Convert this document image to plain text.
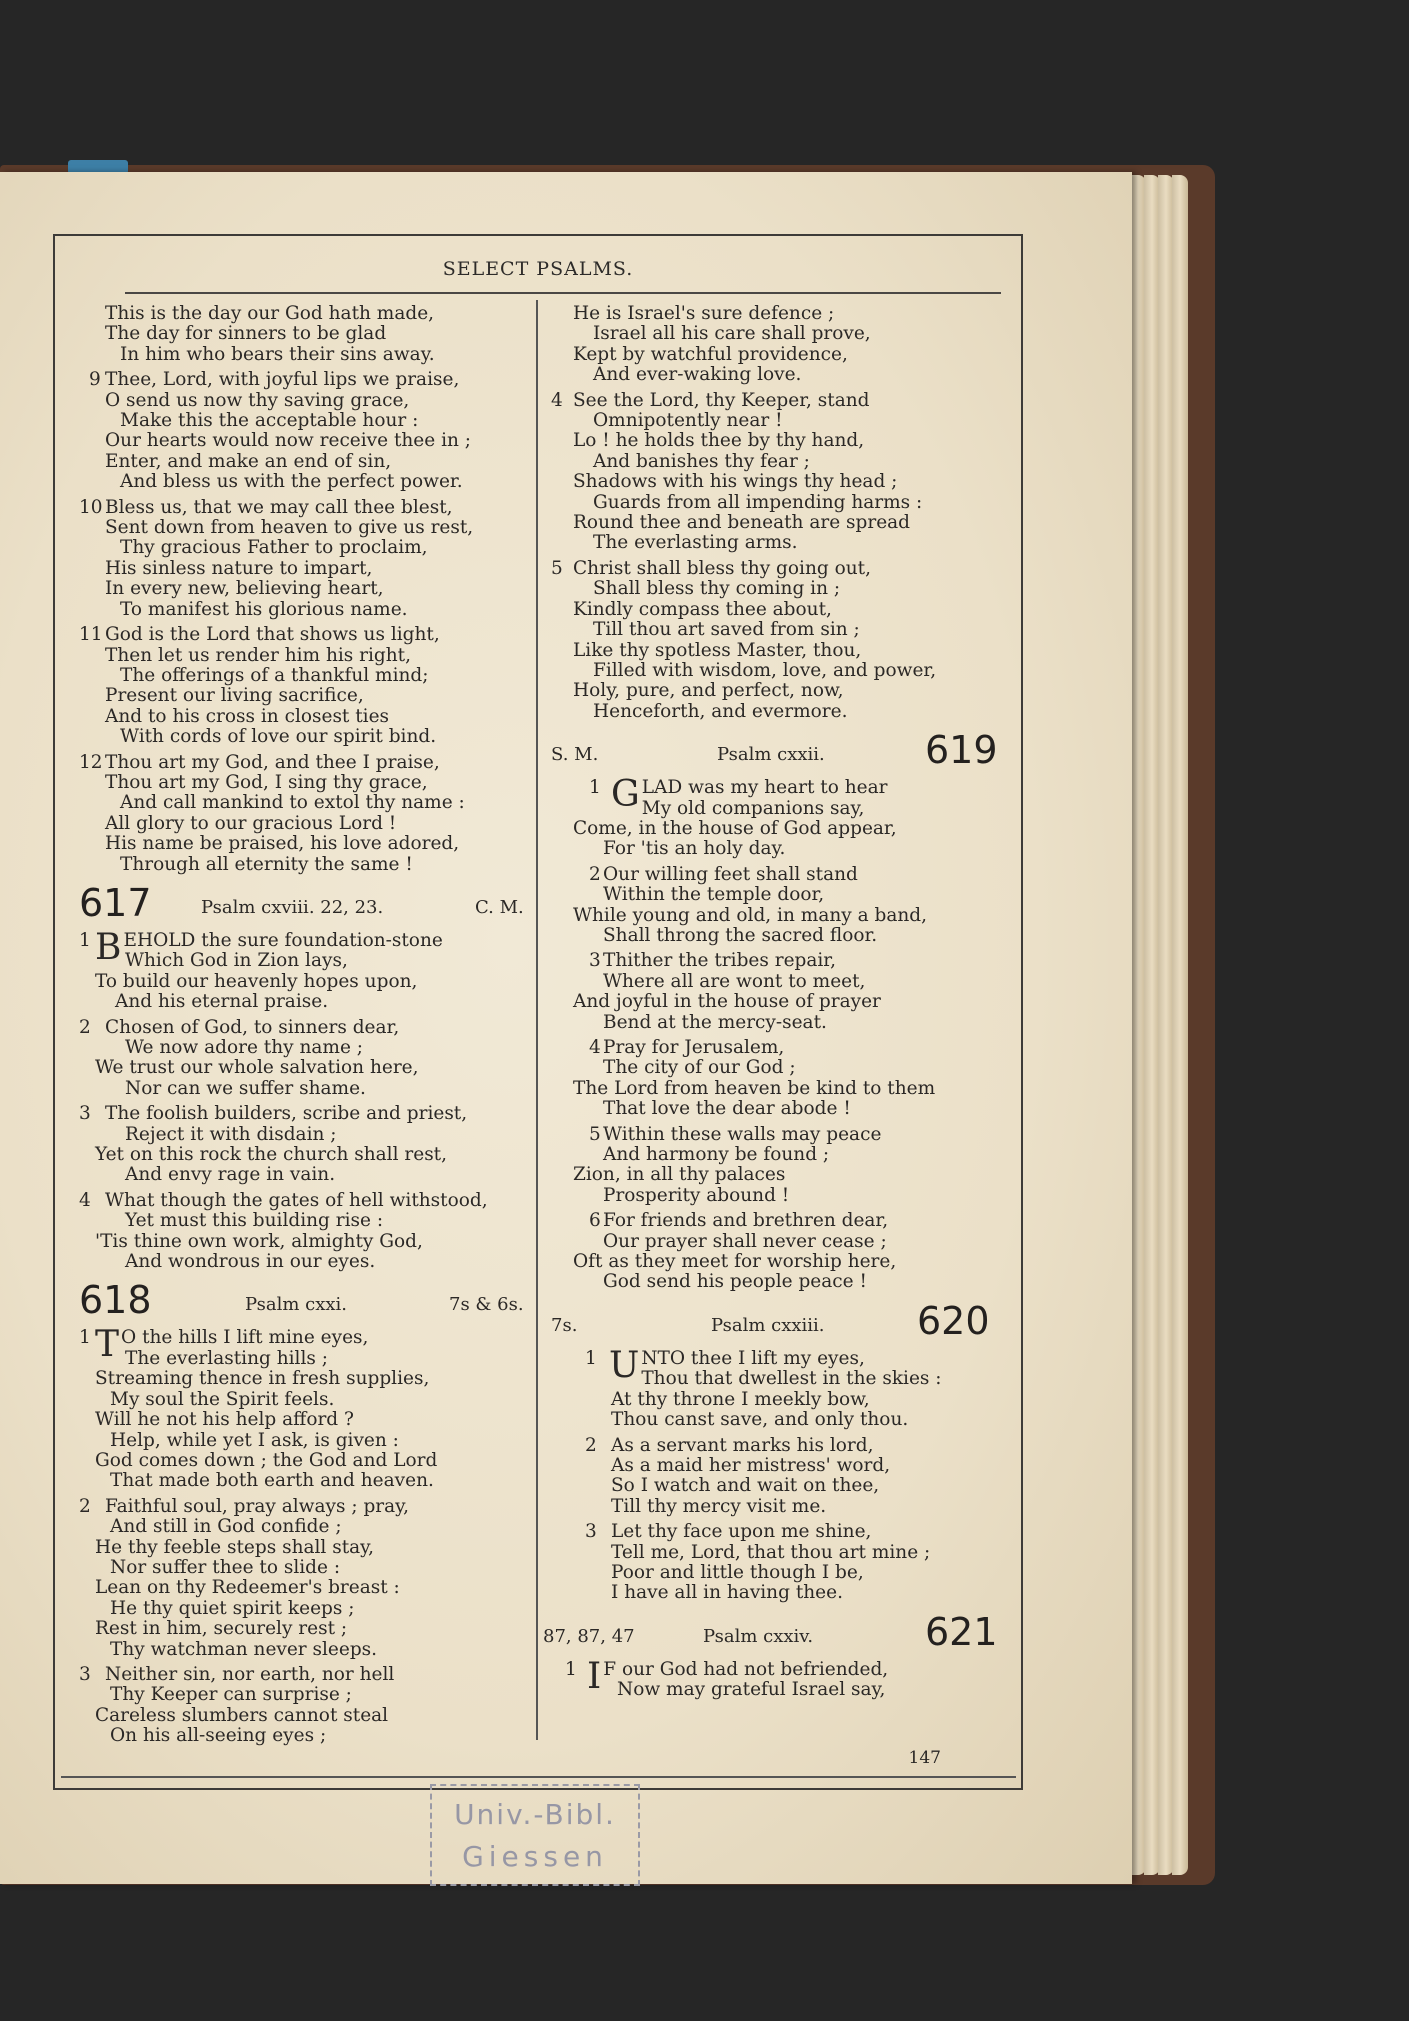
SELECT PSALMS.
This is the day our God hath made,
The day for sinners to be glad
In him who bears their sins away.
9 Thee, Lord, with joyful lips we praise,
O send us now thy saving grace,
Make this the acceptable hour :
Our hearts would now receive thee in ;
Enter, and make an end of sin,
And bless us with the perfect power.
10 Bless us, that we may call thee blest,
Sent down from heaven to give us rest,
Thy gracious Father to proclaim,
His sinless nature to impart,
In every new, believing heart,
To manifest his glorious name.
11 God is the Lord that shows us light,
Then let us render him his right,
The offerings of a thankful mind;
Present our living sacrifice,
And to his cross in closest ties
With cords of love our spirit bind.
12 Thou art my God, and thee I praise,
Thou art my God, I sing thy grace,
And call mankind to extol thy name :
All glory to our gracious Lord !
His name be praised, his love adored,
Through all eternity the same !
617	Psalm cxviii. 22, 23.	C. M.
1 BEHOLD the sure foundation-stone
Which God in Zion lays,
To build our heavenly hopes upon,
And his eternal praise.
2 Chosen of God, to sinners dear,
We now adore thy name ;
We trust our whole salvation here,
Nor can we suffer shame.
3 The foolish builders, scribe and priest,
Reject it with disdain ;
Yet on this rock the church shall rest,
And envy rage in vain.
4 What though the gates of hell withstood,
Yet must this building rise :
'Tis thine own work, almighty God,
And wondrous in our eyes.
618	Psalm cxxi.	7s & 6s.
1 T O the hills I lift mine eyes,
The everlasting hills ;
Streaming thence in fresh supplies,
My soul the Spirit feels.
Will he not his help afford ?
Help, while yet I ask, is given :
God comes down ; the God and Lord
That made both earth and heaven.
2 Faithful soul, pray always ; pray,
And still in God confide ;
He thy feeble steps shall stay,
Nor suffer thee to slide :
Lean on thy Redeemer's breast :
He thy quiet spirit keeps ;
Rest in him, securely rest ;
Thy watchman never sleeps.
3 Neither sin, nor earth, nor hell
Thy Keeper can surprise ;
Careless slumbers cannot steal
On his all-seeing eyes ;
He is Israel's sure defence ;
Israel all his care shall prove,
Kept by watchful providence,
And ever-waking love.
4 See the Lord, thy Keeper, stand
Omnipotently near !
Lo ! he holds thee by thy hand,
And banishes thy fear ;
Shadows with his wings thy head ;
Guards from all impending harms :
Round thee and beneath are spread
The everlasting arms.
5 Christ shall bless thy going out,
Shall bless thy coming in ;
Kindly compass thee about,
Till thou art saved from sin ;
Like thy spotless Master, thou,
Filled with wisdom, love, and power,
Holy, pure, and perfect, now,
Henceforth, and evermore.
S. M.	Psalm cxxii.	619
1 GLAD was my heart to hear
My old companions say,
Come, in the house of God appear,
For 'tis an holy day.
2 Our willing feet shall stand
Within the temple door,
While young and old, in many a band,
Shall throng the sacred floor.
3 Thither the tribes repair,
Where all are wont to meet,
And joyful in the house of prayer
Bend at the mercy-seat.
4 Pray for Jerusalem,
The city of our God ;
The Lord from heaven be kind to them
That love the dear abode !
5 Within these walls may peace
And harmony be found ;
Zion, in all thy palaces
Prosperity abound !
6 For friends and brethren dear,
Our prayer shall never cease ;
Oft as they meet for worship here,
God send his people peace !
7s.	Psalm cxxiii. 620
1 UNTO thee I lift my eyes,
Thou that dwellest in the skies :
At thy throne I meekly bow,
Thou canst save, and only thou.
2 As a servant marks his lord,
As a maid her mistress' word,
So I watch and wait on thee,
Till thy mercy visit me.
3 Let thy face upon me shine,
Tell me, Lord, that thou art mine ;
Poor and little though I be,
I have all in having thee.
87, 87, 47	Psalm cxxiv.	621
1 I F our God had not befriended,
Now may grateful Israel say,
147
Univ.-Bibl.
Giessen
